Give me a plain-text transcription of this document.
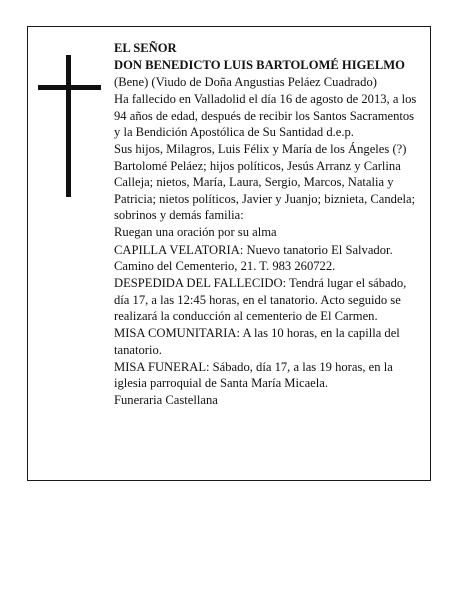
EL SEÑOR

DON BENEDICTO LUIS BARTOLOMÉ HIGELMO

(Bene) (Viudo de Doña Angustias Peláez Cuadrado)

Ha fallecido en Valladolid el día 16 de agosto de 2013, a los 94 años de edad, después de recibir los Santos Sacramentos y la Bendición Apostólica de Su Santidad d.e.p.

Sus hijos, Milagros, Luis Félix y María de los Ángeles (?) Bartolomé Peláez; hijos políticos, Jesús Arranz y Carlina Calleja; nietos, María, Laura, Sergio, Marcos, Natalia y Patricia; nietos políticos, Javier y Juanjo; biznieta, Candela; sobrinos y demás familia:

Ruegan una oración por su alma

CAPILLA VELATORIA: Nuevo tanatorio El Salvador. Camino del Cementerio, 21. T. 983 260722.

DESPEDIDA DEL FALLECIDO: Tendrá lugar el sábado, día 17, a las 12:45 horas, en el tanatorio. Acto seguido se realizará la conducción al cementerio de El Carmen.

MISA COMUNITARIA: A las 10 horas, en la capilla del tanatorio.

MISA FUNERAL: Sábado, día 17, a las 19 horas, en la iglesia parroquial de Santa María Micaela.

Funeraria Castellana
